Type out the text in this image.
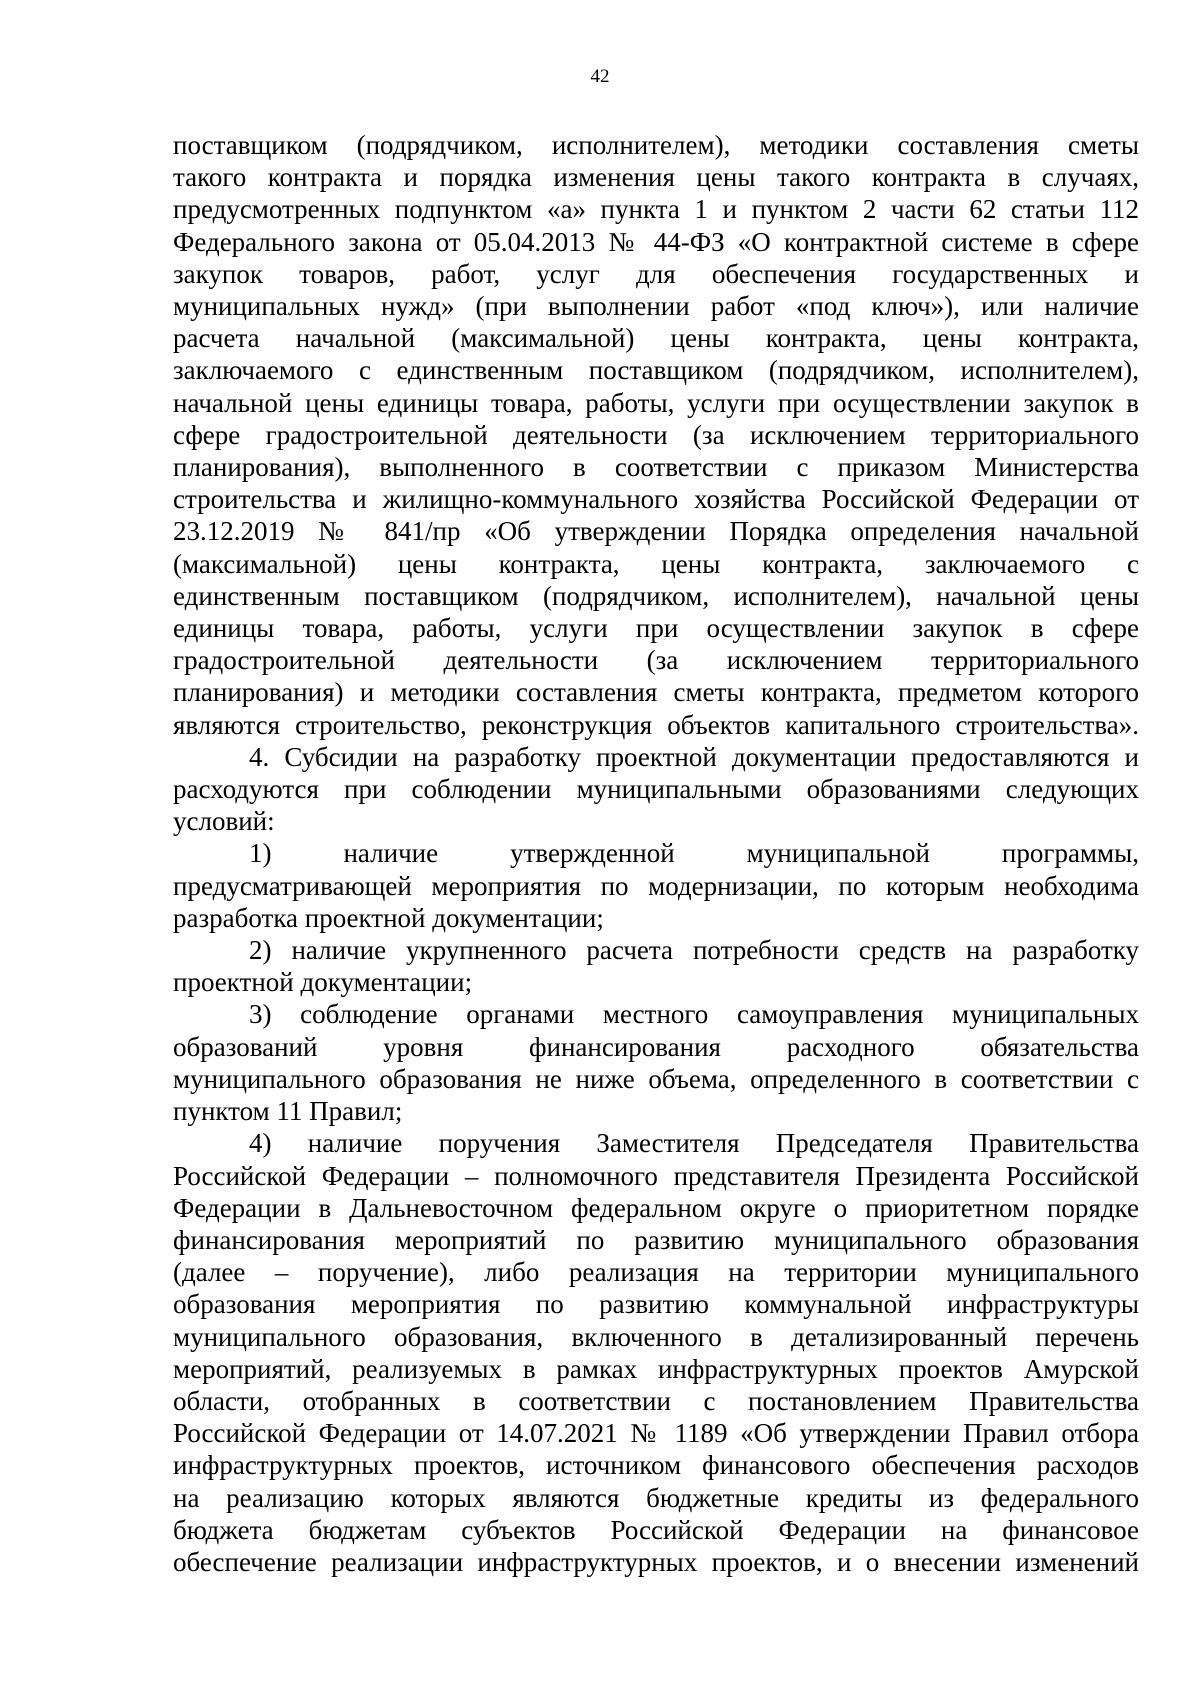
42
поставщиком (подрядчиком, исполнителем), методики составления сметы
такого контракта и порядка изменения цены такого контракта в случаях,
предусмотренных подпунктом «а» пункта 1 и пунктом 2 части 62 статьи 112
Федерального закона от 05.04.2013 № 44-ФЗ «О контрактной системе в сфере
закупок товаров, работ, услуг для обеспечения государственных и
муниципальных нужд» (при выполнении работ «под ключ»), или наличие
расчета начальной (максимальной) цены контракта, цены контракта,
заключаемого с единственным поставщиком (подрядчиком, исполнителем),
начальной цены единицы товара, работы, услуги при осуществлении закупок в
сфере градостроительной деятельности (за исключением территориального
планирования), выполненного в соответствии с приказом Министерства
строительства и жилищно-коммунального хозяйства Российской Федерации от
23.12.2019 № 841/пр «Об утверждении Порядка определения начальной
(максимальной) цены контракта, цены контракта, заключаемого с
единственным поставщиком (подрядчиком, исполнителем), начальной цены
единицы товара, работы, услуги при осуществлении закупок в сфере
градостроительной деятельности (за исключением территориального
планирования) и методики составления сметы контракта, предметом которого
являются строительство, реконструкция объектов капитального строительства».
4. Субсидии на разработку проектной документации предоставляются и
расходуются при соблюдении муниципальными образованиями следующих
условий:
1) наличие утвержденной муниципальной программы,
предусматривающей мероприятия по модернизации, по которым необходима
разработка проектной документации;
2) наличие укрупненного расчета потребности средств на разработку
проектной документации;
3) соблюдение органами местного самоуправления муниципальных
образований уровня финансирования расходного обязательства
муниципального образования не ниже объема, определенного в соответствии с
пунктом 11 Правил;
4) наличие поручения Заместителя Председателя Правительства
Российской Федерации – полномочного представителя Президента Российской
Федерации в Дальневосточном федеральном округе о приоритетном порядке
финансирования мероприятий по развитию муниципального образования
(далее – поручение), либо реализация на территории муниципального
образования мероприятия по развитию коммунальной инфраструктуры
муниципального образования, включенного в детализированный перечень
мероприятий, реализуемых в рамках инфраструктурных проектов Амурской
области, отобранных в соответствии с постановлением Правительства
Российской Федерации от 14.07.2021 № 1189 «Об утверждении Правил отбора
инфраструктурных проектов, источником финансового обеспечения расходов
на реализацию которых являются бюджетные кредиты из федерального
бюджета бюджетам субъектов Российской Федерации на финансовое
обеспечение реализации инфраструктурных проектов, и о внесении изменений
